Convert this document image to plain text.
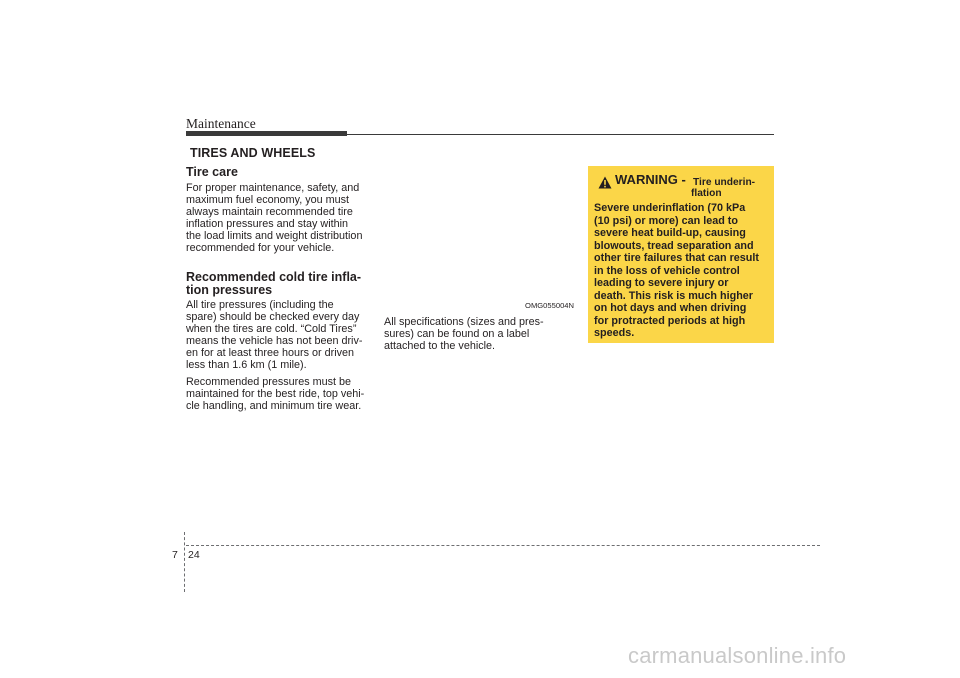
Maintenance
TIRES AND WHEELS
Tire care
For proper maintenance, safety, and
maximum fuel economy, you must
always maintain recommended tire
inflation pressures and stay within
the load limits and weight distribution
recommended for your vehicle.
Recommended cold tire infla-
tion pressures
All tire pressures (including the
spare) should be checked every day
when the tires are cold. “Cold Tires”
means the vehicle has not been driv-
en for at least three hours or driven
less than 1.6 km (1 mile).
Recommended pressures must be
maintained for the best ride, top vehi-
cle handling, and minimum tire wear.
OMG055004N
All specifications (sizes and pres-
sures) can be found on a label
attached to the vehicle.
WARNING - Tire underin-
flation
Severe underinflation (70 kPa
(10 psi) or more) can lead to
severe heat build-up, causing
blowouts, tread separation and
other tire failures that can result
in the loss of vehicle control
leading to severe injury or
death. This risk is much higher
on hot days and when driving
for protracted periods at high
speeds.
7 24
carmanualsonline.info
